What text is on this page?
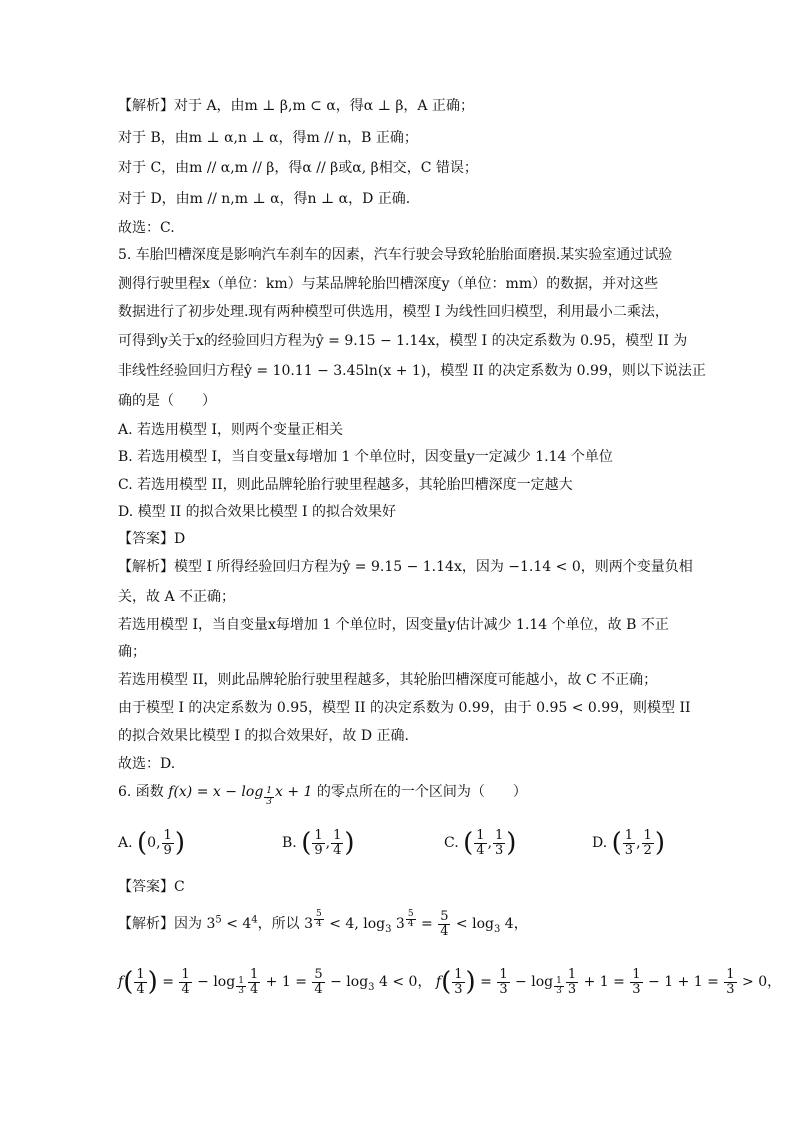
【解析】对于 A，由m ⊥ β,m ⊂ α，得α ⊥ β，A 正确；
对于 B，由m ⊥ α,n ⊥ α，得m // n，B 正确；
对于 C，由m // α,m // β，得α // β或α, β相交，C 错误；
对于 D，由m // n,m ⊥ α，得n ⊥ α，D 正确.
故选：C.
5. 车胎凹槽深度是影响汽车刹车的因素，汽车行驶会导致轮胎胎面磨损.某实验室通过试验
测得行驶里程x（单位：km）与某品牌轮胎凹槽深度y（单位：mm）的数据，并对这些
数据进行了初步处理.现有两种模型可供选用，模型 I 为线性回归模型，利用最小二乘法，
可得到y关于x的经验回归方程为ŷ = 9.15 − 1.14x，模型 I 的决定系数为 0.95，模型 II 为
非线性经验回归方程ŷ = 10.11 − 3.45ln(x + 1)，模型 II 的决定系数为 0.99，则以下说法正
确的是（　　）
A. 若选用模型 I，则两个变量正相关
B. 若选用模型 I，当自变量x每增加 1 个单位时，因变量y一定减少 1.14 个单位
C. 若选用模型 II，则此品牌轮胎行驶里程越多，其轮胎凹槽深度一定越大
D. 模型 II 的拟合效果比模型 I 的拟合效果好
【答案】D
【解析】模型 I 所得经验回归方程为ŷ = 9.15 − 1.14x，因为 −1.14 < 0，则两个变量负相
关，故 A 不正确；
若选用模型 I，当自变量x每增加 1 个单位时，因变量y估计减少 1.14 个单位，故 B 不正
确；
若选用模型 II，则此品牌轮胎行驶里程越多，其轮胎凹槽深度可能越小，故 C 不正确；
由于模型 I 的决定系数为 0.95，模型 II 的决定系数为 0.99，由于 0.95 < 0.99，则模型 II
的拟合效果比模型 I 的拟合效果好，故 D 正确.
故选：D.
6. 函数 f(x) = x − log $_{\frac{1}{3}}$ x + 1 的零点所在的一个区间为（　　）
A. (0, $\frac{1}{9}$ )	B. ( $\frac{1}{9}$ , $\frac{1}{4}$ )	C. ( $\frac{1}{4}$ , $\frac{1}{3}$ )	D. ( $\frac{1}{3}$ , $\frac{1}{2}$ )
【答案】C
【解析】因为 $3^5 < 4^4$，所以 3 $^{\frac{5}{4}}$ < 4, $\log_3 3$ $^{\frac{5}{4}} = \frac{5}{4} < \log_3 4$，
$f( \frac{1}{4}$ ) = $\frac{1}{4} - \log _{\frac{1}{3}} \frac{1}{4} + 1 = \frac{5}{4} - \log_3 4 < 0$， $f( \frac{1}{3}$ ) = $\frac{1}{3} - \log _{\frac{1}{3}} \frac{1}{3} + 1 = \frac{1}{3} - 1 + 1 = \frac{1}{3} > 0$，
